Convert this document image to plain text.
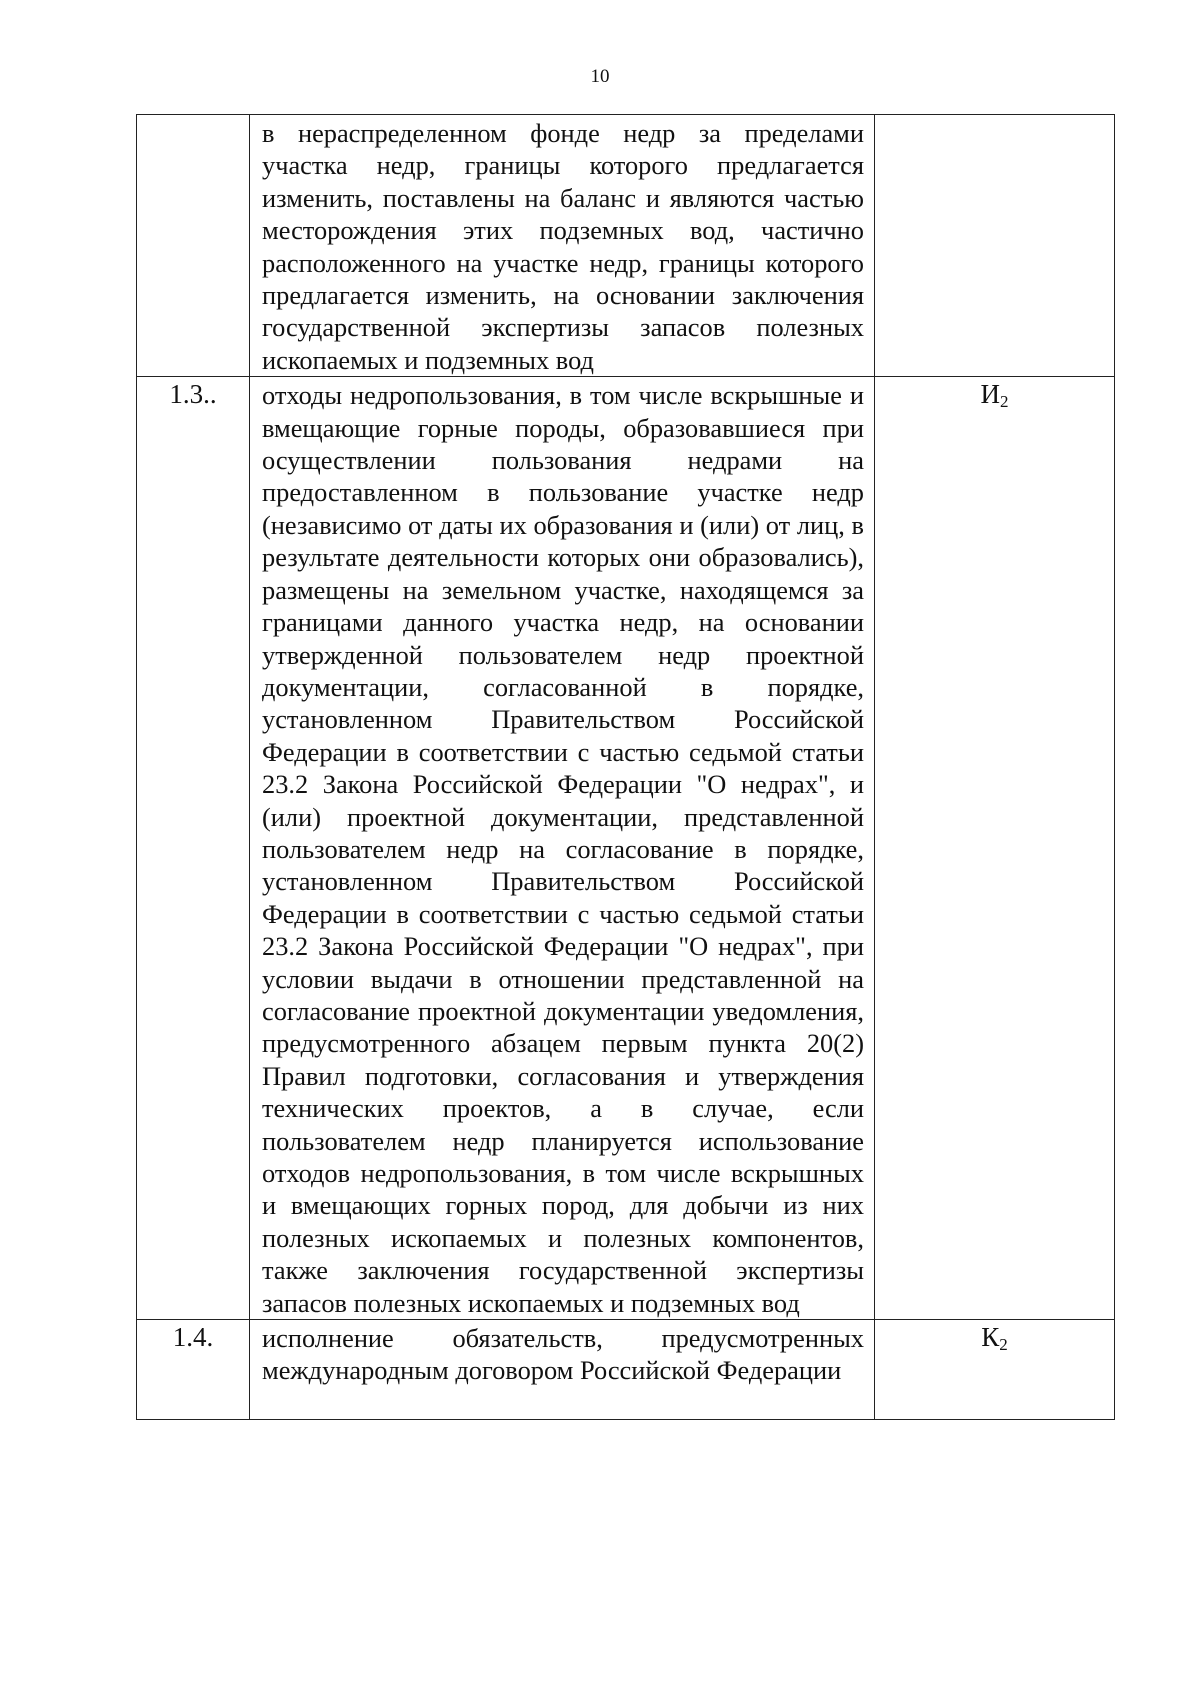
10

	в нераспределенном фонде недр за пределами участка недр, границы которого предлагается изменить, поставлены на баланс и являются частью месторождения этих подземных вод, частично расположенного на участке недр, границы которого предлагается изменить, на основании заключения государственной экспертизы запасов полезных ископаемых и подземных вод	

1.3..	отходы недропользования, в том числе вскрышные и вмещающие горные породы, образовавшиеся при осуществлении пользования недрами на предоставленном в пользование участке недр (независимо от даты их образования и (или) от лиц, в результате деятельности которых они образовались), размещены на земельном участке, находящемся за границами данного участка недр, на основании утвержденной пользователем недр проектной документации, согласованной в порядке, установленном Правительством Российской Федерации в соответствии с частью седьмой статьи 23.2 Закона Российской Федерации "О недрах", и (или) проектной документации, представленной пользователем недр на согласование в порядке, установленном Правительством Российской Федерации в соответствии с частью седьмой статьи 23.2 Закона Российской Федерации "О недрах", при условии выдачи в отношении представленной на согласование проектной документации уведомления, предусмотренного абзацем первым пункта 20(2) Правил подготовки, согласования и утверждения технических проектов, а в случае, если пользователем недр планируется использование отходов недропользования, в том числе вскрышных и вмещающих горных пород, для добычи из них полезных ископаемых и полезных компонентов, также заключения государственной экспертизы запасов полезных ископаемых и подземных вод	$И_2$
1.4.	исполнение обязательств, предусмотренных международным договором Российской Федерации	$К_2$
